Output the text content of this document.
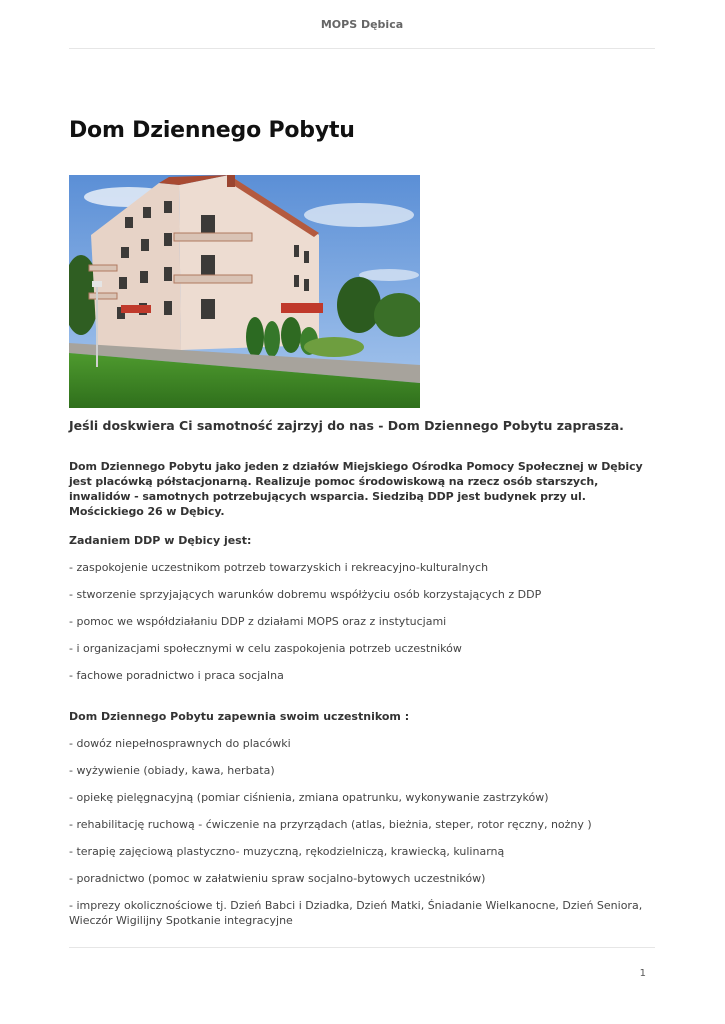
MOPS Dębica
Dom Dziennego Pobytu
Jeśli doskwiera Ci samotność zajrzyj do nas - Dom Dziennego Pobytu zaprasza.

Dom Dziennego Pobytu jako jeden z działów Miejskiego Ośrodka Pomocy Społecznej w Dębicy jest placówką półstacjonarną. Realizuje pomoc środowiskową na rzecz osób starszych, inwalidów - samotnych potrzebujących wsparcia. Siedzibą DDP jest budynek przy ul. Mościckiego 26 w Dębicy.

Zadaniem DDP w Dębicy jest:

- zaspokojenie uczestnikom potrzeb towarzyskich i rekreacyjno-kulturalnych

- stworzenie sprzyjających warunków dobremu współżyciu osób korzystających z DDP

- pomoc we współdziałaniu DDP z działami MOPS oraz z instytucjami

- i organizacjami społecznymi w celu zaspokojenia potrzeb uczestników

- fachowe poradnictwo i praca socjalna

Dom Dziennego Pobytu zapewnia swoim uczestnikom :

- dowóz niepełnosprawnych do placówki

- wyżywienie (obiady, kawa, herbata)

- opiekę pielęgnacyjną (pomiar ciśnienia, zmiana opatrunku, wykonywanie zastrzyków)

- rehabilitację ruchową - ćwiczenie na przyrządach (atlas, bieżnia, steper, rotor ręczny, nożny )

- terapię zajęciową plastyczno- muzyczną, rękodzielniczą, krawiecką, kulinarną

- poradnictwo (pomoc w załatwieniu spraw socjalno-bytowych uczestników)

- imprezy okolicznościowe tj. Dzień Babci i Dziadka, Dzień Matki, Śniadanie Wielkanocne, Dzień Seniora, Wieczór Wigilijny Spotkanie integracyjne

1
